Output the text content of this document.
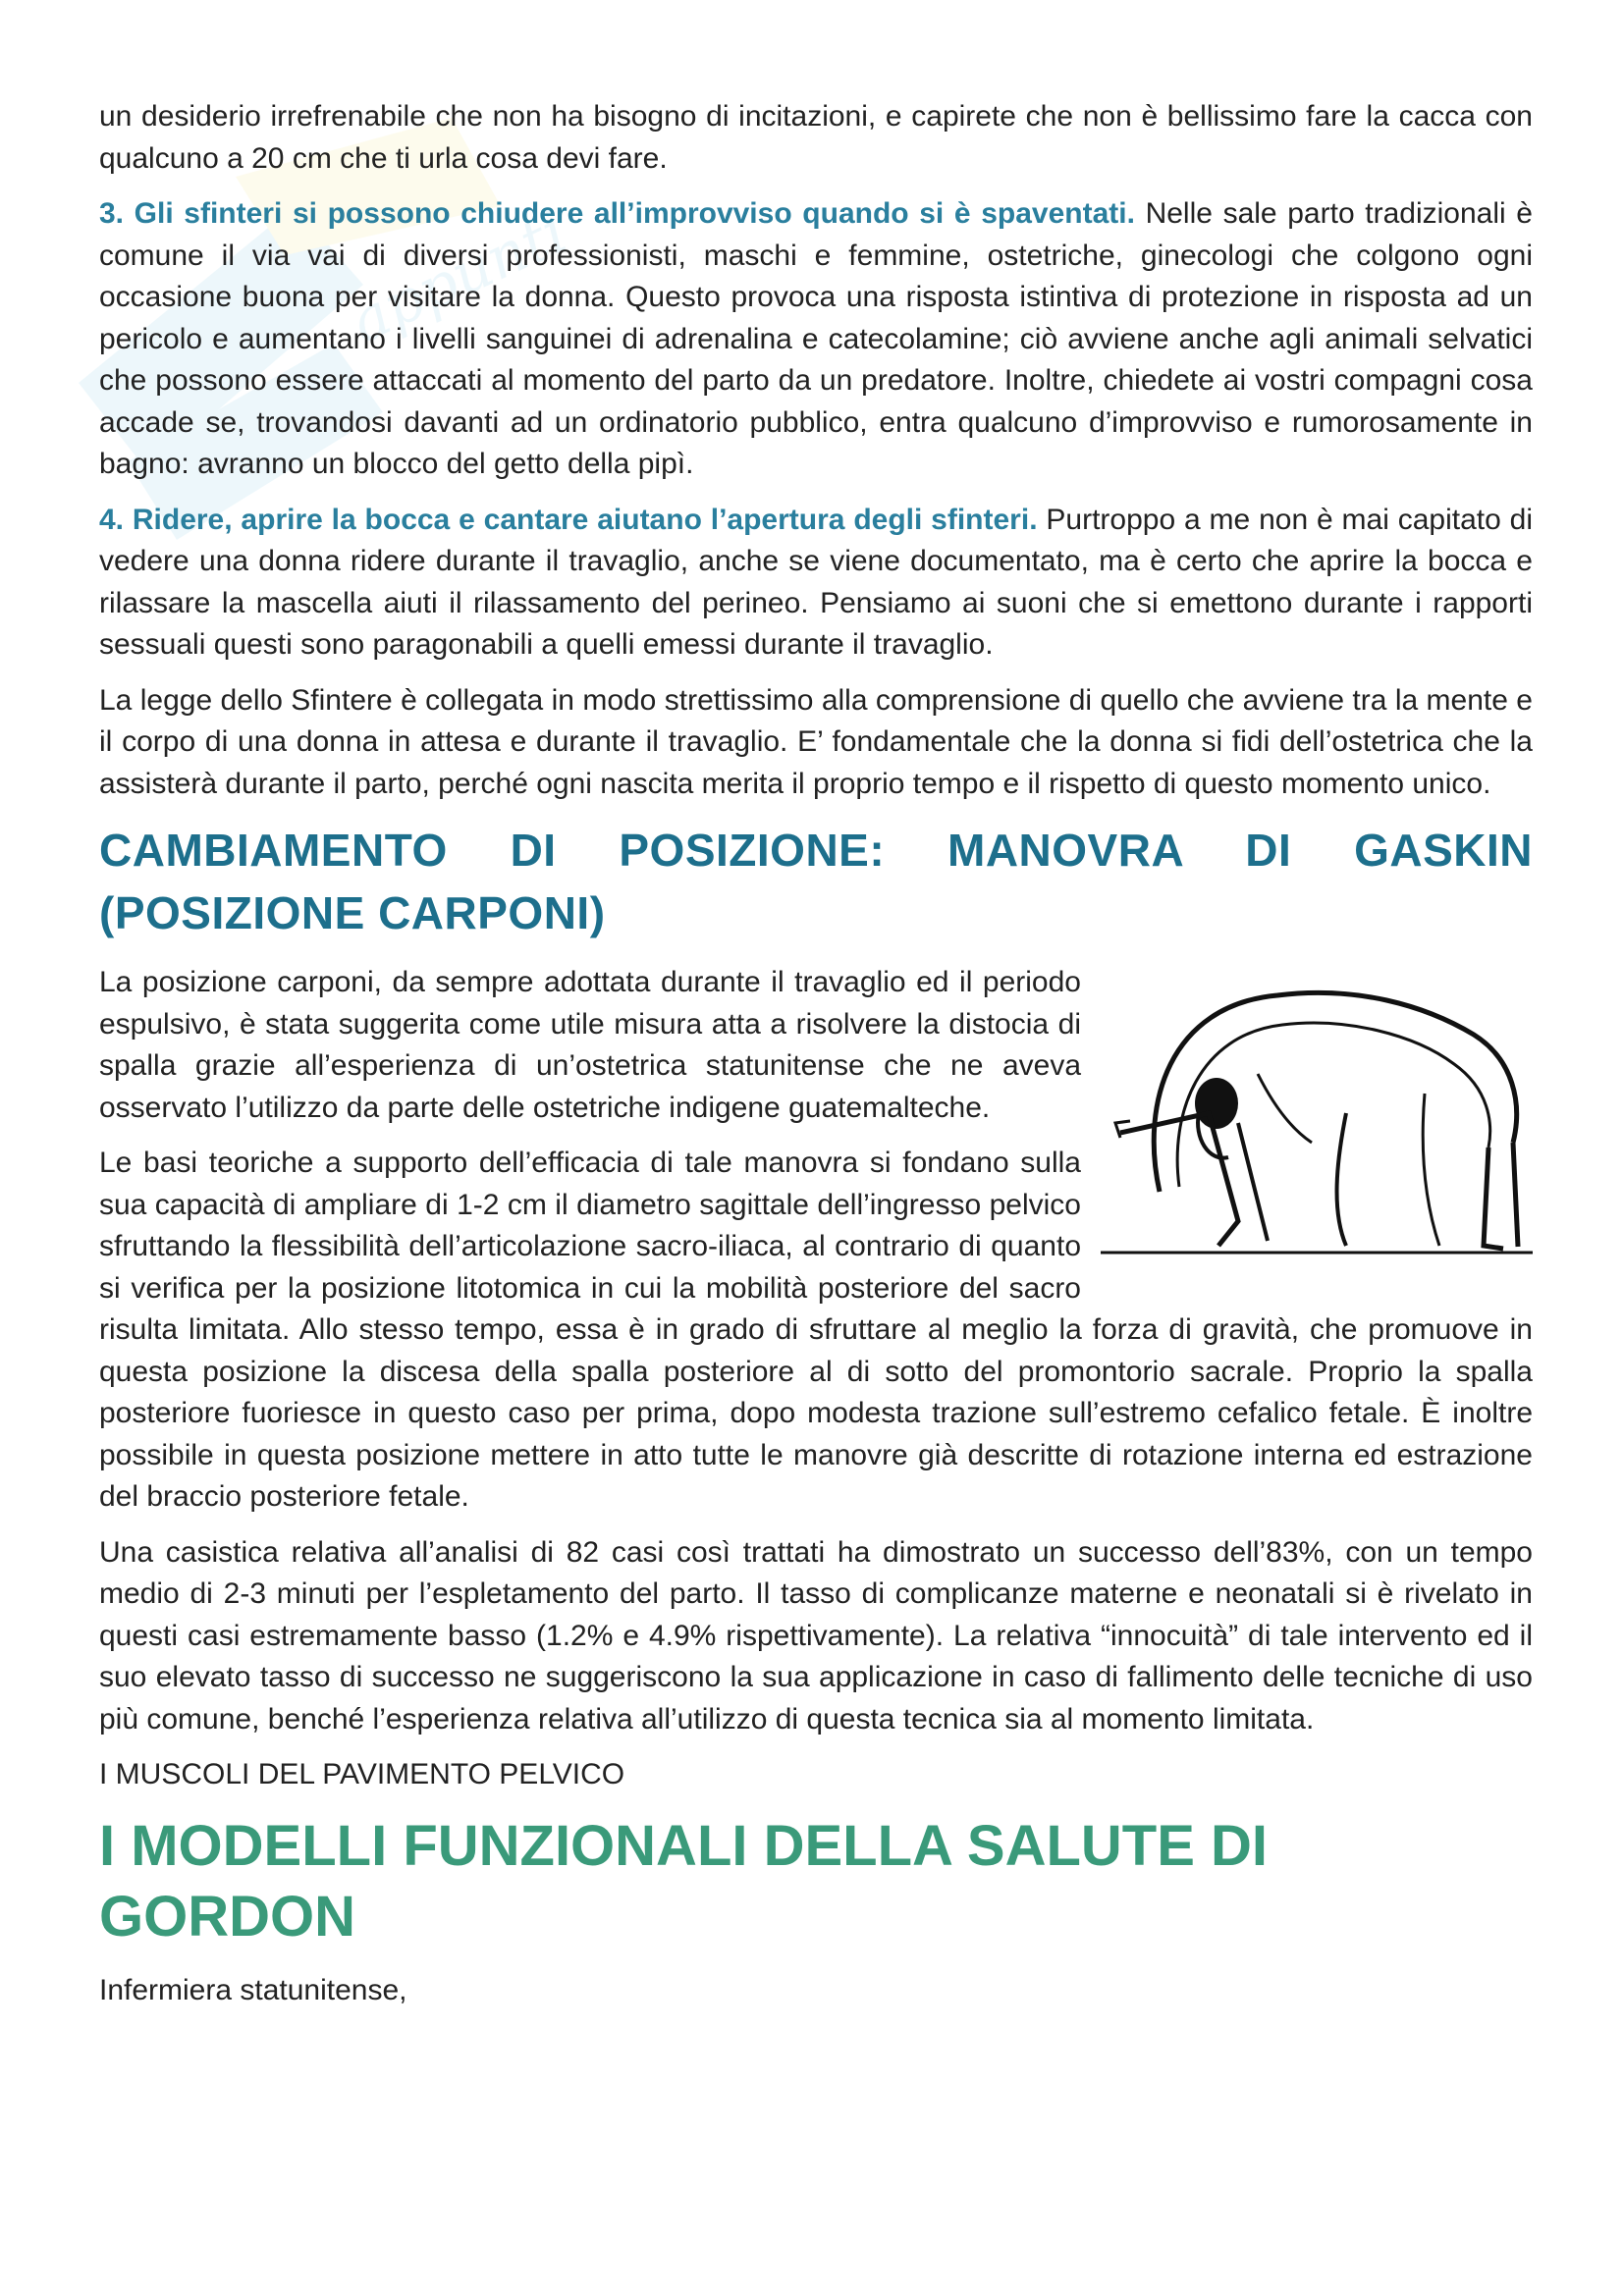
appunti

un desiderio irrefrenabile che non ha bisogno di incitazioni, e capirete che non è bellissimo fare la cacca con qualcuno a 20 cm che ti urla cosa devi fare.

3. Gli sfinteri si possono chiudere all’improvviso quando si è spaventati. Nelle sale parto tradizionali è comune il via vai di diversi professionisti, maschi e femmine, ostetriche, ginecologi che colgono ogni occasione buona per visitare la donna. Questo provoca una risposta istintiva di protezione in risposta ad un pericolo e aumentano i livelli sanguinei di adrenalina e catecolamine; ciò avviene anche agli animali selvatici che possono essere attaccati al momento del parto da un predatore. Inoltre, chiedete ai vostri compagni cosa accade se, trovandosi davanti ad un ordinatorio pubblico, entra qualcuno d’improvviso e rumorosamente in bagno: avranno un blocco del getto della pipì.

4. Ridere, aprire la bocca e cantare aiutano l’apertura degli sfinteri. Purtroppo a me non è mai capitato di vedere una donna ridere durante il travaglio, anche se viene documentato, ma è certo che aprire la bocca e rilassare la mascella aiuti il rilassamento del perineo. Pensiamo ai suoni che si emettono durante i rapporti sessuali questi sono paragonabili a quelli emessi durante il travaglio.

La legge dello Sfintere è collegata in modo strettissimo alla comprensione di quello che avviene tra la mente e il corpo di una donna in attesa e durante il travaglio. E’ fondamentale che la donna si fidi dell’ostetrica che la assisterà durante il parto, perché ogni nascita merita il proprio tempo e il rispetto di questo momento unico.

CAMBIAMENTO DI POSIZIONE: MANOVRA DI GASKIN
(POSIZIONE CARPONI)

La posizione carponi, da sempre adottata durante il travaglio ed il periodo espulsivo, è stata suggerita come utile misura atta a risolvere la distocia di spalla grazie all’esperienza di un’ostetrica statunitense che ne aveva osservato l’utilizzo da parte delle ostetriche indigene guatemalteche.

Le basi teoriche a supporto dell’efficacia di tale manovra si fondano sulla sua capacità di ampliare di 1-2 cm il diametro sagittale dell’ingresso pelvico sfruttando la flessibilità dell’articolazione sacro-iliaca, al contrario di quanto si verifica per la posizione litotomica in cui la mobilità posteriore del sacro risulta limitata. Allo stesso tempo, essa è in grado di sfruttare al meglio la forza di gravità, che promuove in questa posizione la discesa della spalla posteriore al di sotto del promontorio sacrale. Proprio la spalla posteriore fuoriesce in questo caso per prima, dopo modesta trazione sull’estremo cefalico fetale. È inoltre possibile in questa posizione mettere in atto tutte le manovre già descritte di rotazione interna ed estrazione del braccio posteriore fetale.

Una casistica relativa all’analisi di 82 casi così trattati ha dimostrato un successo dell’83%, con un tempo medio di 2-3 minuti per l’espletamento del parto. Il tasso di complicanze materne e neonatali si è rivelato in questi casi estremamente basso (1.2% e 4.9% rispettivamente). La relativa “innocuità” di tale intervento ed il suo elevato tasso di successo ne suggeriscono la sua applicazione in caso di fallimento delle tecniche di uso più comune, benché l’esperienza relativa all’utilizzo di questa tecnica sia al momento limitata.

I MUSCOLI DEL PAVIMENTO PELVICO
I MODELLI FUNZIONALI DELLA SALUTE DI GORDON

Infermiera statunitense,
